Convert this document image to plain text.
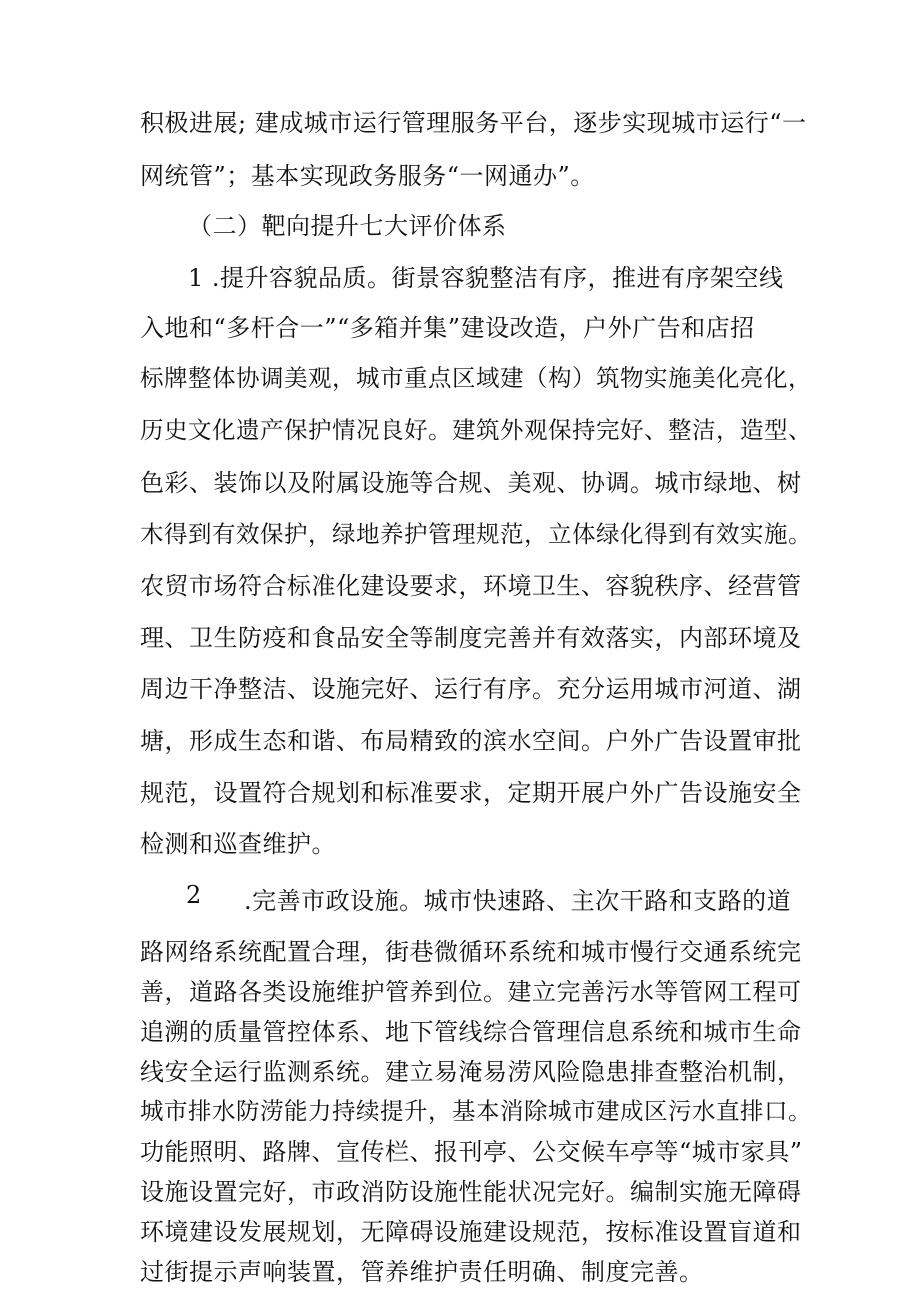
积极进展; 建成城市运行管理服务平台，逐步实现城市运行“一
网统管”；基本实现政务服务“一网通办”。
（二）靶向提升七大评价体系
1 .提升容貌品质。街景容貌整洁有序，推进有序架空线
入地和“多杆合一”“多箱并集”建设改造，户外广告和店招
标牌整体协调美观，城市重点区域建（构）筑物实施美化亮化，
历史文化遗产保护情况良好。建筑外观保持完好、整洁，造型、
色彩、装饰以及附属设施等合规、美观、协调。城市绿地、树
木得到有效保护，绿地养护管理规范，立体绿化得到有效实施。
农贸市场符合标准化建设要求，环境卫生、容貌秩序、经营管
理、卫生防疫和食品安全等制度完善并有效落实，内部环境及
周边干净整洁、设施完好、运行有序。充分运用城市河道、湖
塘，形成生态和谐、布局精致的滨水空间。户外广告设置审批
规范，设置符合规划和标准要求，定期开展户外广告设施安全
检测和巡查维护。
2	.完善市政设施。城市快速路、主次干路和支路的道
路网络系统配置合理，街巷微循环系统和城市慢行交通系统完
善，道路各类设施维护管养到位。建立完善污水等管网工程可
追溯的质量管控体系、地下管线综合管理信息系统和城市生命
线安全运行监测系统。建立易淹易涝风险隐患排查整治机制，
城市排水防涝能力持续提升，基本消除城市建成区污水直排口。
功能照明、路牌、宣传栏、报刊亭、公交候车亭等“城市家具”
设施设置完好，市政消防设施性能状况完好。编制实施无障碍
环境建设发展规划，无障碍设施建设规范，按标准设置盲道和
过街提示声响装置，管养维护责任明确、制度完善。
